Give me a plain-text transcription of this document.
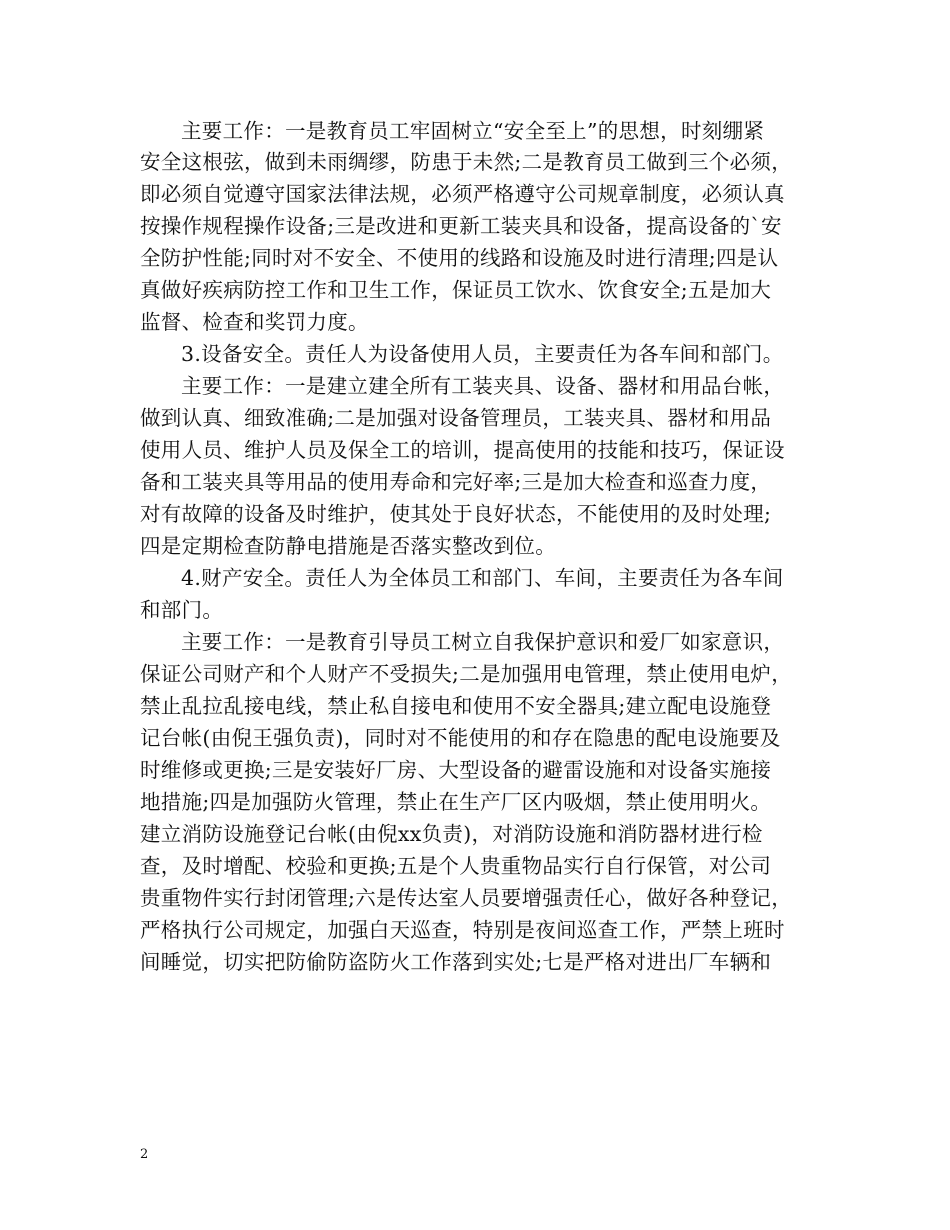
主要工作：一是教育员工牢固树立“安全至上”的思想，时刻绷紧
安全这根弦，做到未雨绸缪，防患于未然;二是教育员工做到三个必须，
即必须自觉遵守国家法律法规，必须严格遵守公司规章制度，必须认真
按操作规程操作设备;三是改进和更新工装夹具和设备，提高设备的`安
全防护性能;同时对不安全、不使用的线路和设施及时进行清理;四是认
真做好疾病防控工作和卫生工作，保证员工饮水、饮食安全;五是加大
监督、检查和奖罚力度。
3.设备安全。责任人为设备使用人员，主要责任为各车间和部门。
主要工作：一是建立建全所有工装夹具、设备、器材和用品台帐，
做到认真、细致准确;二是加强对设备管理员，工装夹具、器材和用品
使用人员、维护人员及保全工的培训，提高使用的技能和技巧，保证设
备和工装夹具等用品的使用寿命和完好率;三是加大检查和巡查力度，
对有故障的设备及时维护，使其处于良好状态，不能使用的及时处理;
四是定期检查防静电措施是否落实整改到位。
4.财产安全。责任人为全体员工和部门、车间，主要责任为各车间
和部门。
主要工作：一是教育引导员工树立自我保护意识和爱厂如家意识，
保证公司财产和个人财产不受损失;二是加强用电管理，禁止使用电炉，
禁止乱拉乱接电线，禁止私自接电和使用不安全器具;建立配电设施登
记台帐(由倪王强负责)，同时对不能使用的和存在隐患的配电设施要及
时维修或更换;三是安装好厂房、大型设备的避雷设施和对设备实施接
地措施;四是加强防火管理，禁止在生产厂区内吸烟，禁止使用明火。
建立消防设施登记台帐(由倪xx负责)，对消防设施和消防器材进行检
查，及时增配、校验和更换;五是个人贵重物品实行自行保管，对公司
贵重物件实行封闭管理;六是传达室人员要增强责任心，做好各种登记，
严格执行公司规定，加强白天巡查，特别是夜间巡查工作，严禁上班时
间睡觉，切实把防偷防盗防火工作落到实处;七是严格对进出厂车辆和
2
